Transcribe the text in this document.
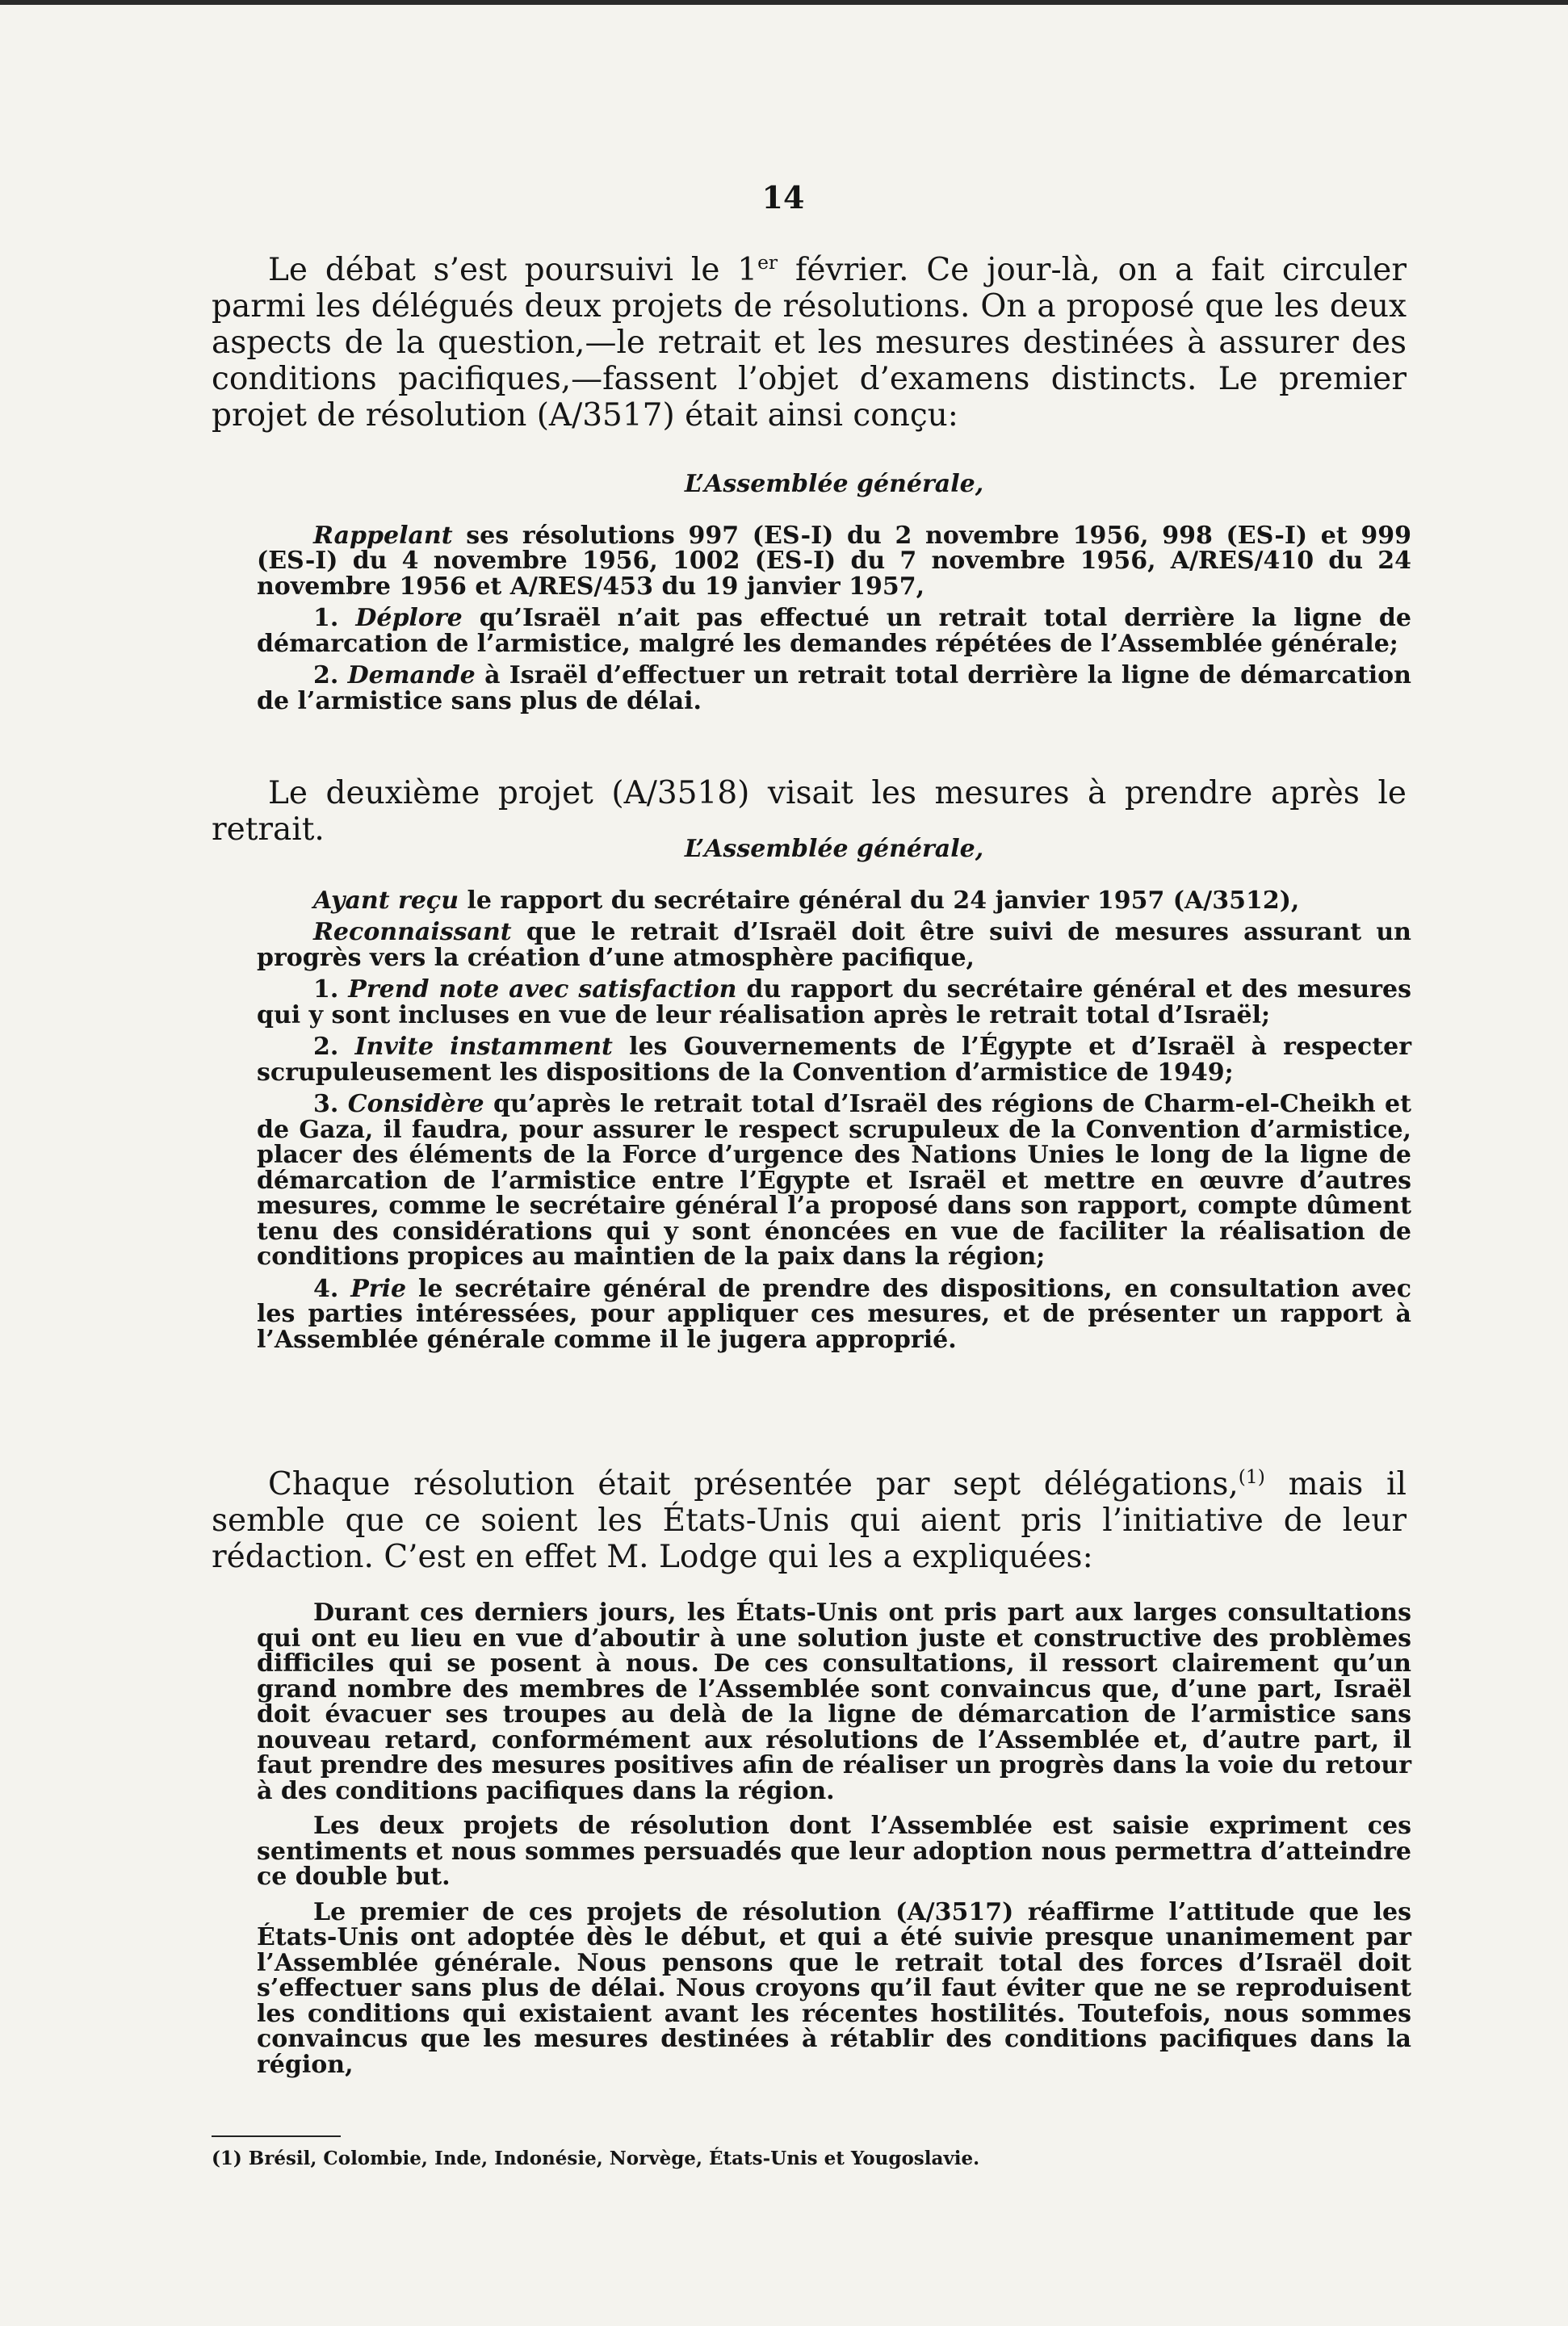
14

Le débat s’est poursuivi le 1er février. Ce jour-là, on a fait circuler parmi les délégués deux projets de résolutions. On a proposé que les deux aspects de la question,—le retrait et les mesures destinées à assurer des conditions pacifiques,—fassent l’objet d’examens distincts. Le premier projet de résolution (A/3517) était ainsi conçu:

L’Assemblée générale,

Rappelant ses résolutions 997 (ES-I) du 2 novembre 1956, 998 (ES-I) et 999 (ES-I) du 4 novembre 1956, 1002 (ES-I) du 7 novembre 1956, A/RES/410 du 24 novembre 1956 et A/RES/453 du 19 janvier 1957,

1. Déplore qu’Israël n’ait pas effectué un retrait total derrière la ligne de démarcation de l’armistice, malgré les demandes répétées de l’Assemblée générale;

2. Demande à Israël d’effectuer un retrait total derrière la ligne de démarcation de l’armistice sans plus de délai.

Le deuxième projet (A/3518) visait les mesures à prendre après le retrait.

L’Assemblée générale,

Ayant reçu le rapport du secrétaire général du 24 janvier 1957 (A/3512),

Reconnaissant que le retrait d’Israël doit être suivi de mesures assurant un progrès vers la création d’une atmosphère pacifique,

1. Prend note avec satisfaction du rapport du secrétaire général et des mesures qui y sont incluses en vue de leur réalisation après le retrait total d’Israël;

2. Invite instamment les Gouvernements de l’Égypte et d’Israël à respecter scrupuleusement les dispositions de la Convention d’armistice de 1949;

3. Considère qu’après le retrait total d’Israël des régions de Charm-el-Cheikh et de Gaza, il faudra, pour assurer le respect scrupuleux de la Convention d’armistice, placer des éléments de la Force d’urgence des Nations Unies le long de la ligne de démarcation de l’armistice entre l’Égypte et Israël et mettre en œuvre d’autres mesures, comme le secrétaire général l’a proposé dans son rapport, compte dûment tenu des considérations qui y sont énoncées en vue de faciliter la réalisation de conditions propices au maintien de la paix dans la région;

4. Prie le secrétaire général de prendre des dispositions, en consultation avec les parties intéressées, pour appliquer ces mesures, et de présenter un rapport à l’Assemblée générale comme il le jugera approprié.

Chaque résolution était présentée par sept délégations,$^{(1)}$ mais il semble que ce soient les États-Unis qui aient pris l’initiative de leur rédaction. C’est en effet M. Lodge qui les a expliquées:

Durant ces derniers jours, les États-Unis ont pris part aux larges consultations qui ont eu lieu en vue d’aboutir à une solution juste et constructive des problèmes difficiles qui se posent à nous. De ces consultations, il ressort clairement qu’un grand nombre des membres de l’Assemblée sont convaincus que, d’une part, Israël doit évacuer ses troupes au delà de la ligne de démarcation de l’armistice sans nouveau retard, conformément aux résolutions de l’Assemblée et, d’autre part, il faut prendre des mesures positives afin de réaliser un progrès dans la voie du retour à des conditions pacifiques dans la région.

Les deux projets de résolution dont l’Assemblée est saisie expriment ces sentiments et nous sommes persuadés que leur adoption nous permettra d’atteindre ce double but.

Le premier de ces projets de résolution (A/3517) réaffirme l’attitude que les États-Unis ont adoptée dès le début, et qui a été suivie presque unanimement par l’Assemblée générale. Nous pensons que le retrait total des forces d’Israël doit s’effectuer sans plus de délai. Nous croyons qu’il faut éviter que ne se reproduisent les conditions qui existaient avant les récentes hostilités. Toutefois, nous sommes convaincus que les mesures destinées à rétablir des conditions pacifiques dans la région,

(1) Brésil, Colombie, Inde, Indonésie, Norvège, États-Unis et Yougoslavie.
